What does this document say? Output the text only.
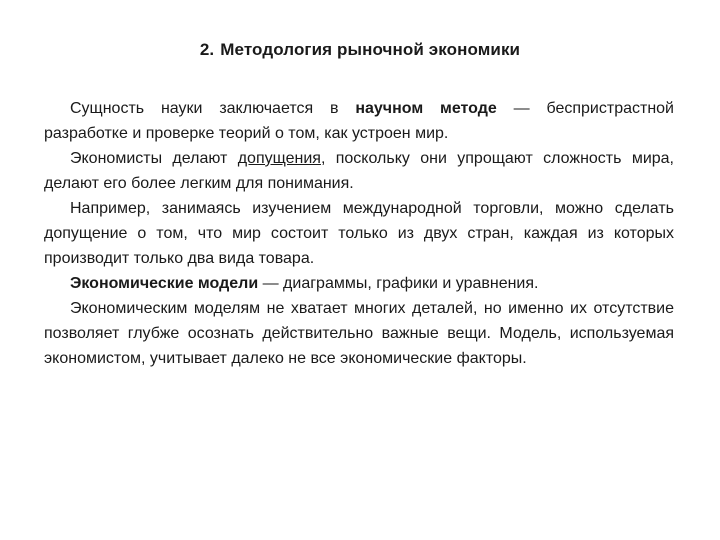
2. Методология рыночной экономики

Сущность науки заключается в научном методе — беспристрастной разработке и проверке теорий о том, как устроен мир.

Экономисты делают допущения, поскольку они упрощают сложность мира, делают его более легким для понимания.

Например, занимаясь изучением международной торговли, можно сделать допущение о том, что мир состоит только из двух стран, каждая из которых производит только два вида товара.

Экономические модели — диаграммы, графики и уравнения.

Экономическим моделям не хватает многих деталей, но именно их отсутствие позволяет глубже осознать действительно важные вещи. Модель, используемая экономистом, учитывает далеко не все экономические факторы.
